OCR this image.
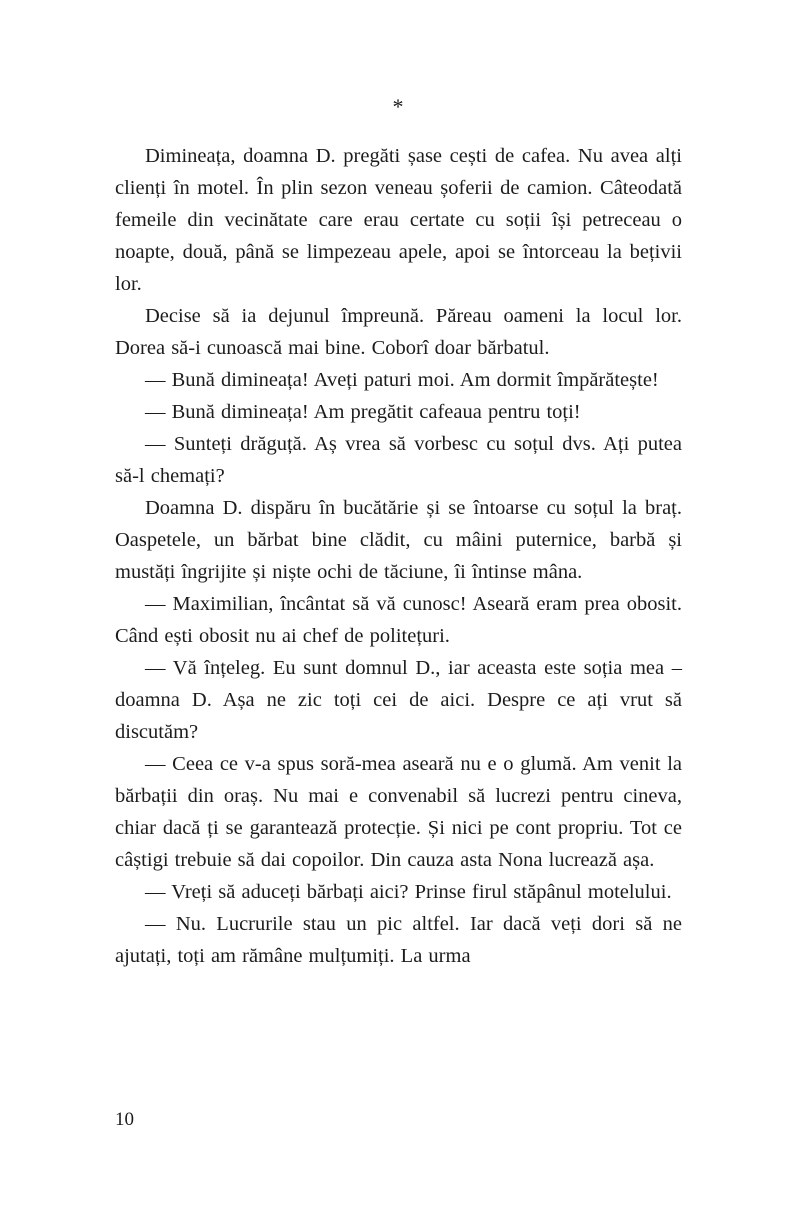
*

Dimineața, doamna D. pregăti șase cești de cafea. Nu avea alți clienți în motel. În plin sezon veneau șoferii de camion. Câteodată femeile din vecinătate care erau certate cu soții își petreceau o noapte, două, până se limpezeau apele, apoi se întorceau la bețivii lor.

Decise să ia dejunul împreună. Păreau oameni la locul lor. Dorea să-i cunoască mai bine. Coborî doar bărbatul.

— Bună dimineața! Aveți paturi moi. Am dormit împărătește!

— Bună dimineața! Am pregătit cafeaua pentru toți!

— Sunteți drăguță. Aș vrea să vorbesc cu soțul dvs. Ați putea să-l chemați?

Doamna D. dispăru în bucătărie și se întoarse cu soțul la braț. Oaspetele, un bărbat bine clădit, cu mâini puternice, barbă și mustăți îngrijite și niște ochi de tăciune, îi întinse mâna.

— Maximilian, încântat să vă cunosc! Aseară eram prea obosit. Când ești obosit nu ai chef de politețuri.

— Vă înțeleg. Eu sunt domnul D., iar aceasta este soția mea – doamna D. Așa ne zic toți cei de aici. Despre ce ați vrut să discutăm?

— Ceea ce v-a spus soră-mea aseară nu e o glumă. Am venit la bărbații din oraș. Nu mai e convenabil să lucrezi pentru cineva, chiar dacă ți se garantează protecție. Și nici pe cont propriu. Tot ce câștigi trebuie să dai copoilor. Din cauza asta Nona lucrează așa.

— Vreți să aduceți bărbați aici? Prinse firul stăpânul motelului.

— Nu. Lucrurile stau un pic altfel. Iar dacă veți dori să ne ajutați, toți am rămâne mulțumiți. La urma

10
